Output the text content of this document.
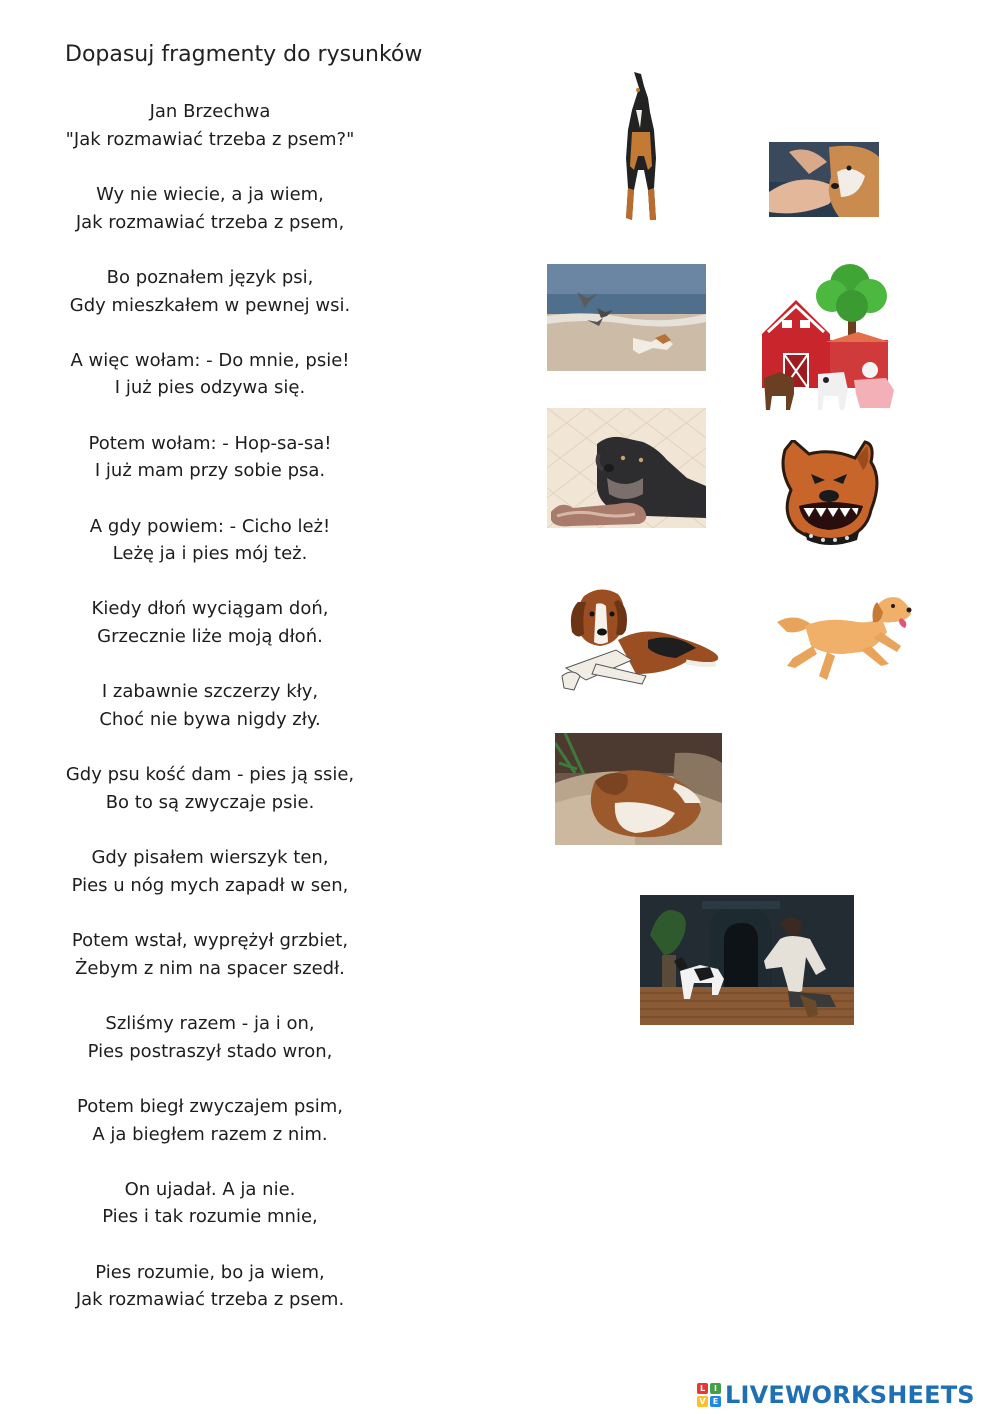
Dopasuj fragmenty do rysunków
Jan Brzechwa
"Jak rozmawiać trzeba z psem?"
Wy nie wiecie, a ja wiem,
Jak rozmawiać trzeba z psem,
Bo poznałem język psi,
Gdy mieszkałem w pewnej wsi.
A więc wołam: - Do mnie, psie!
I już pies odzywa się.
Potem wołam: - Hop-sa-sa!
I już mam przy sobie psa.
A gdy powiem: - Cicho leż!
Leżę ja i pies mój też.
Kiedy dłoń wyciągam doń,
Grzecznie liże moją dłoń.
I zabawnie szczerzy kły,
Choć nie bywa nigdy zły.
Gdy psu kość dam - pies ją ssie,
Bo to są zwyczaje psie.
Gdy pisałem wierszyk ten,
Pies u nóg mych zapadł w sen,
Potem wstał, wyprężył grzbiet,
Żebym z nim na spacer szedł.
Szliśmy razem - ja i on,
Pies postraszył stado wron,
Potem biegł zwyczajem psim,
A ja biegłem razem z nim.
On ujadał. A ja nie.
Pies i tak rozumie mnie,
Pies rozumie, bo ja wiem,
Jak rozmawiać trzeba z psem.
L	I
V E LIVEWORKSHEETS
